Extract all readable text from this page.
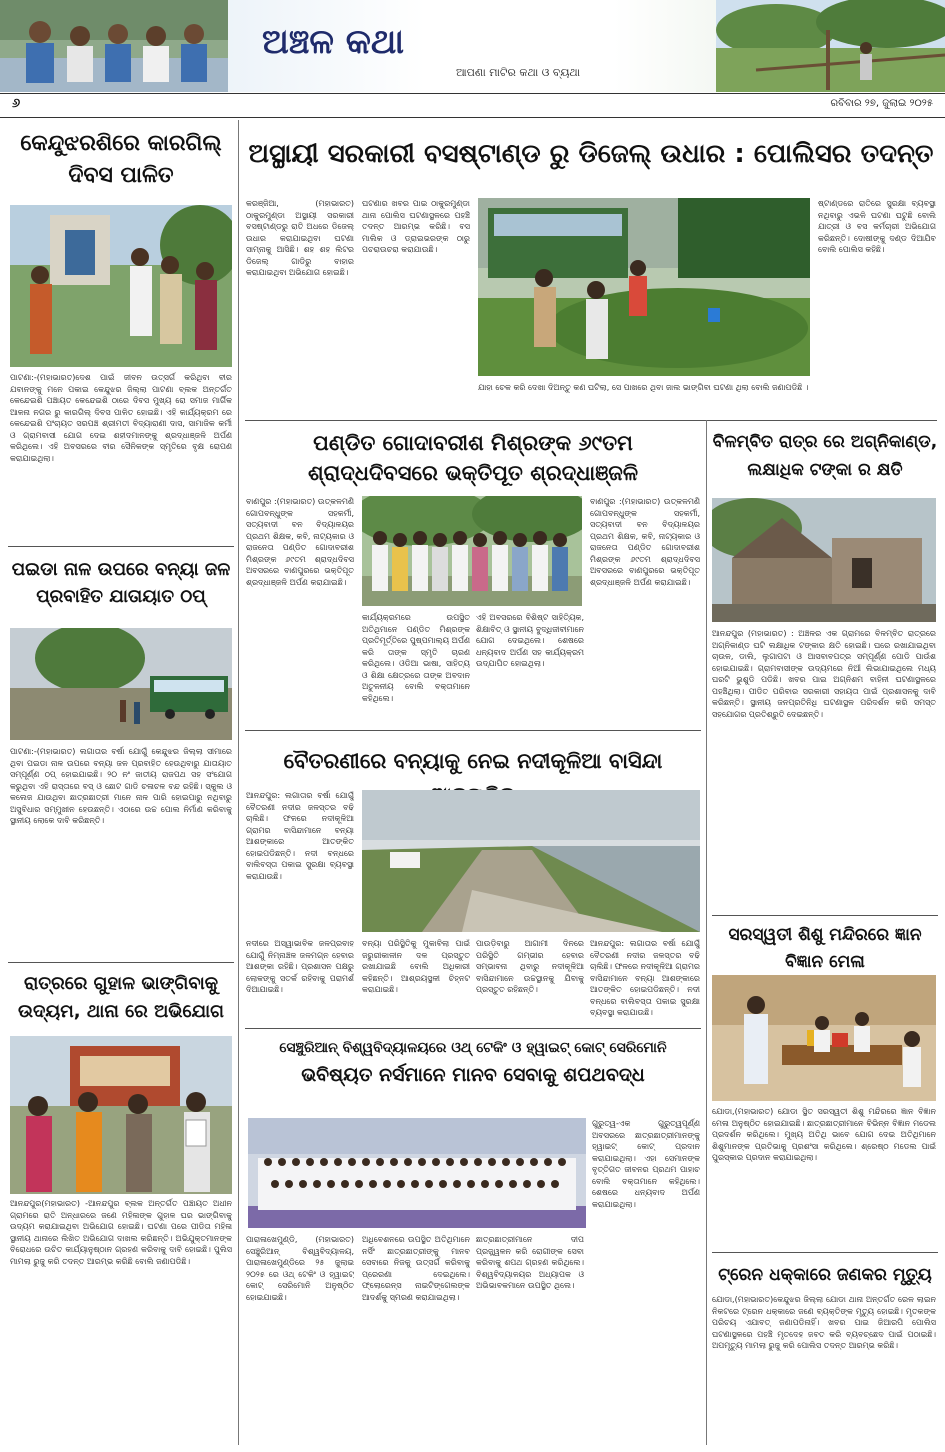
ଅଞ୍ଚଳ କଥା
ଆପଣା ମାଟିର କଥା ଓ ବ୍ୟଥା
୬	ରବିବାର ୨୭, ଜୁଲାଇ ୨୦୨୫
କେନ୍ଦୁଝରଶିରେ କାରଗିଲ୍ ଦିବସ ପାଳିତ
ପାଟଣା:-(ମହାଭାରତ)ଦେଶ ପାଇଁ ଜୀବନ ଉତ୍ସର୍ଗ କରିଥିବା ବୀର ଯବାନଙ୍କୁ ମନେ ପକାଇ କେନ୍ଦୁଝର ଜିଲ୍ଲା ପାଟଣା ବ୍ଲକ ଅନ୍ତର୍ଗତ କେନ୍ଦେଇଶି ପଞ୍ଚାୟତ କେନ୍ଦେଇଶି ଠାରେ ଦିବସ ମୁଖ୍ୟ ରୋ ସମାଜ ମାର୍ଗିକ ଆଳନା ନଗର ରୁ କାରଗିଲ୍ ଦିବସ ପାଳିତ ହୋଇଛି। ଏହି କାର୍ଯ୍ୟକ୍ରମ ରେ କେନ୍ଦେଇଶି ପଂଚାୟତ ସରପଞ୍ଚ ଶ୍ରୀମତୀ ବିଦ୍ୟାରାଣୀ ଦାସ, ସାମାଜିକ କର୍ମୀ ଓ ଗ୍ରାମବାସୀ ଯୋଗ ଦେଇ ଶହୀଦମାନଙ୍କୁ ଶ୍ରଦ୍ଧାଞ୍ଜଳି ଅର୍ପଣ କରିଥିଲେ। ଏହି ଅବସରରେ ବୀର ସୈନିକଙ୍କ ସ୍ମୃତିରେ ବୃକ୍ଷ ରୋପଣ କରାଯାଇଥିଲା।
ପଇଡା ନାଳ ଉପରେ ବନ୍ୟା ଜଳ ପ୍ରବାହିତ ଯାତାୟାତ ଠପ୍
ପାଟଣା:-(ମହାଭାରତ) ଲଗାତାର ବର୍ଷା ଯୋଗୁଁ କେନ୍ଦୁଝର ଜିଲ୍ଲା ସୀମାରେ ଥିବା ପଇଡା ନାଳ ଉପରେ ବନ୍ୟା ଜଳ ପ୍ରବାହିତ ହେଉଥିବାରୁ ଯାତାୟାତ ସମ୍ପୂର୍ଣ୍ଣ ଠପ୍ ହୋଇଯାଇଛି। ୨୦ ନଂ ଜାତୀୟ ରାଜପଥ ସହ ସଂଯୋଗ କରୁଥିବା ଏହି ରାସ୍ତାରେ ବସ୍ ଓ ଛୋଟ ଗାଡି ଚଳାଚଳ ବନ୍ଦ ରହିଛି। ସ୍କୁଲ ଓ କଲେଜ ଯାଉଥିବା ଛାତ୍ରଛାତ୍ରୀ ମାନେ ନାଳ ପାରି ହୋଇପାରୁ ନଥିବାରୁ ଅସୁବିଧାର ସମ୍ମୁଖୀନ ହେଉଛନ୍ତି। ଏଠାରେ ଉଚ୍ଚ ପୋଲ ନିର୍ମାଣ କରିବାକୁ ସ୍ଥାନୀୟ ଲୋକେ ଦାବି କରିଛନ୍ତି।
ରାତ୍ରରେ ଗୁହାଳ ଭାଙ୍ଗିବାକୁ ଉଦ୍ୟମ, ଥାନା ରେ ଅଭିଯୋଗ
ଆନନ୍ଦପୁର(ମହାଭାରତ) -ଆନନ୍ଦପୁର ବ୍ଲକ ଅନ୍ତର୍ଗତ ପଞ୍ଚାୟତ ଅଧୀନ ଗ୍ରାମରେ ରାତି ଅନ୍ଧାରରେ ଜଣେ ମହିଳାଙ୍କ ଗୁହାଳ ଘର ଭାଙ୍ଗିବାକୁ ଉଦ୍ୟମ କରାଯାଇଥିବା ଅଭିଯୋଗ ହୋଇଛି। ଘଟଣା ପରେ ପୀଡିତା ମହିଳା ସ୍ଥାନୀୟ ଥାନାରେ ଲିଖିତ ଅଭିଯୋଗ ଦାଖଲ କରିଛନ୍ତି। ଅଭିଯୁକ୍ତମାନଙ୍କ ବିରୋଧରେ ଉଚିତ କାର୍ଯ୍ୟାନୁଷ୍ଠାନ ଗ୍ରହଣ କରିବାକୁ ଦାବି ହୋଇଛି। ପୁଲିସ ମାମଲା ରୁଜୁ କରି ତଦନ୍ତ ଆରମ୍ଭ କରିଛି ବୋଲି ଜଣାପଡିଛି।
ଅସ୍ଥାୟୀ ସରକାରୀ ବସଷ୍ଟାଣ୍ଡ ରୁ ଡିଜେଲ୍ ଉଧାର : ପୋଲିସର ତଦନ୍ତ
କରଞ୍ଜିଆ, (ମହାଭାରତ) ଠାକୁରମୁଣ୍ଡା ଅସ୍ଥାୟୀ ସରକାରୀ ବସଷ୍ଟାଣ୍ଡରୁ ରାତି ଅଧରେ ଡିଜେଲ୍ ଉଧାର କରାଯାଇଥିବା ଘଟଣା ସାମ୍ନାକୁ ଆସିଛି। ଶହ ଶହ ଲିଟର ଡିଜେଲ୍ ଗାଡିରୁ ବାହାର କରାଯାଇଥିବା ଅଭିଯୋଗ ହୋଇଛି।
ଘଟଣାର ଖବର ପାଇ ଠାକୁରମୁଣ୍ଡା ଥାନା ପୋଲିସ ଘଟଣାସ୍ଥଳରେ ପହଞ୍ଚି ତଦନ୍ତ ଆରମ୍ଭ କରିଛି। ବସ ମାଲିକ ଓ ଡ୍ରାଇଭରଙ୍କ ଠାରୁ ପଚରାଉଚରା କରାଯାଉଛି।
ଯାହା ଚେକ କରି ଦେଖା ଦିଅନ୍ତୁ କଣ ଘଟିଲା, ସେ ପାଖରେ ଥିବା ଜାଲ ଭାଙ୍ଗିବା ଘଟଣା ଥିଲା ବୋଲି ଜଣାପଡିଛି ।
ଷ୍ଟାଣ୍ଡରେ ରାତିରେ ସୁରକ୍ଷା ବ୍ୟବସ୍ଥା ନଥିବାରୁ ଏଭଳି ଘଟଣା ଘଟୁଛି ବୋଲି ଯାତ୍ରୀ ଓ ବସ କର୍ମଚାରୀ ଅଭିଯୋଗ କରିଛନ୍ତି। ଦୋଷୀଙ୍କୁ ଦଣ୍ଡ ଦିଆଯିବ ବୋଲି ପୋଲିସ କହିଛି।
ପଣ୍ଡିତ ଗୋଦାବରୀଶ ମିଶ୍ରଙ୍କ ୬୯ତମ
ଶ୍ରାଦ୍ଧଦିବସରେ ଭକ୍ତିପୂତ ଶ୍ରଦ୍ଧାଞ୍ଜଳି
ବାଣପୁର :(ମହାଭାରତ) ଉତ୍କଳମଣି ଗୋପବନ୍ଧୁଙ୍କ ସହକର୍ମୀ, ସତ୍ୟବାଦୀ ବନ ବିଦ୍ୟାଳୟର ପ୍ରଥମ ଶିକ୍ଷକ, କବି, ନାଟ୍ୟକାର ଓ ରାଜନେତା ପଣ୍ଡିତ ଗୋଦାବରୀଶ ମିଶ୍ରଙ୍କ ୬୯ତମ ଶ୍ରାଦ୍ଧଦିବସ ଅବସରରେ ବାଣପୁରରେ ଭକ୍ତିପୂତ ଶ୍ରଦ୍ଧାଞ୍ଜଳି ଅର୍ପଣ କରାଯାଇଛି।
କାର୍ଯ୍ୟକ୍ରମରେ ଉପସ୍ଥିତ ଅତିଥିମାନେ ପଣ୍ଡିତ ମିଶ୍ରଙ୍କ ପ୍ରତିମୂର୍ତ୍ତିରେ ପୁଷ୍ପମାଲ୍ୟ ଅର୍ପଣ କରି ତାଙ୍କ ସ୍ମୃତି ଚାରଣ କରିଥିଲେ। ଓଡିଆ ଭାଷା, ସାହିତ୍ୟ ଓ ଶିକ୍ଷା କ୍ଷେତ୍ରରେ ତାଙ୍କ ଅବଦାନ ଅତୁଳନୀୟ ବୋଲି ବକ୍ତାମାନେ କହିଥିଲେ।
ଏହି ଅବସରରେ ବିଶିଷ୍ଟ ସାହିତ୍ୟିକ, ଶିକ୍ଷାବିତ୍ ଓ ସ୍ଥାନୀୟ ବୁଦ୍ଧିଜୀବୀମାନେ ଯୋଗ ଦେଇଥିଲେ। ଶେଷରେ ଧନ୍ୟବାଦ ଅର୍ପଣ ସହ କାର୍ଯ୍ୟକ୍ରମ ଉଦ୍ଯାପିତ ହୋଇଥିଲା।
ବାଣପୁର :(ମହାଭାରତ) ଉତ୍କଳମଣି ଗୋପବନ୍ଧୁଙ୍କ ସହକର୍ମୀ, ସତ୍ୟବାଦୀ ବନ ବିଦ୍ୟାଳୟର ପ୍ରଥମ ଶିକ୍ଷକ, କବି, ନାଟ୍ୟକାର ଓ ରାଜନେତା ପଣ୍ଡିତ ଗୋଦାବରୀଶ ମିଶ୍ରଙ୍କ ୬୯ତମ ଶ୍ରାଦ୍ଧଦିବସ ଅବସରରେ ବାଣପୁରରେ ଭକ୍ତିପୂତ ଶ୍ରଦ୍ଧାଞ୍ଜଳି ଅର୍ପଣ କରାଯାଇଛି।
ବିଳମ୍ବିତ ରାତ୍ର ରେ ଅଗ୍ନିକାଣ୍ଡ, ଲକ୍ଷାଧିକ ଟଙ୍କା ର କ୍ଷତି
ଆନନ୍ଦପୁର (ମହାଭାରତ) : ଅଞ୍ଚଳର ଏକ ଗ୍ରାମରେ ବିଳମ୍ବିତ ରାତ୍ରରେ ଅଗ୍ନିକାଣ୍ଡ ଘଟି ଲକ୍ଷାଧିକ ଟଙ୍କାର କ୍ଷତି ହୋଇଛି। ଘରେ ରଖାଯାଇଥିବା ଚାଉଳ, ଡାଲି, ଲୁଗାପଟା ଓ ଆସବାବପତ୍ର ସମ୍ପୂର୍ଣ୍ଣ ପୋଡି ପାଉଁଶ ହୋଇଯାଇଛି। ଗ୍ରାମବାସୀଙ୍କ ଉଦ୍ୟମରେ ନିଆଁ ଲିଭାଯାଇଥିଲେ ମଧ୍ୟ ଘରଟି ଭୁଶୁଡି ପଡିଛି। ଖବର ପାଇ ଅଗ୍ନିଶମ ବାହିନୀ ଘଟଣାସ୍ଥଳରେ ପହଞ୍ଚିଥିଲା। ପୀଡିତ ପରିବାର ସରକାରୀ ସହାୟତା ପାଇଁ ପ୍ରଶାସନକୁ ଦାବି କରିଛନ୍ତି। ସ୍ଥାନୀୟ ଜନପ୍ରତିନିଧି ଘଟଣାସ୍ଥଳ ପରିଦର୍ଶନ କରି ସମସ୍ତ ସହଯୋଗର ପ୍ରତିଶ୍ରୁତି ଦେଇଛନ୍ତି।
ବୈତରଣୀରେ ବନ୍ୟାକୁ ନେଇ ନଦୀକୂଳିଆ ବାସିନ୍ଦା
ଆନନ୍ଦପୁର: ଲଗାତାର ବର୍ଷା ଯୋଗୁଁ ବୈତରଣୀ ନଦୀର ଜଳସ୍ତର ବଢି ଚାଲିଛି। ଫଳରେ ନଦୀକୂଳିଆ ଗ୍ରାମର ବାସିନ୍ଦାମାନେ ବନ୍ୟା ଆଶଙ୍କାରେ ଆତଙ୍କିତ ହୋଇପଡିଛନ୍ତି। ନଦୀ ବନ୍ଧରେ ବାଲିବସ୍ତା ପକାଇ ସୁରକ୍ଷା ବ୍ୟବସ୍ଥା କରାଯାଉଛି।
ନଦୀରେ ଅସ୍ୱାଭାବିକ ଜଳପ୍ରବାହ ଯୋଗୁଁ ନିମ୍ନାଞ୍ଚଳ ଜଳମଗ୍ନ ହେବାର ଆଶଙ୍କା ରହିଛି। ପ୍ରଶାସନ ପକ୍ଷରୁ ଲୋକଙ୍କୁ ସତର୍କ ରହିବାକୁ ପରାମର୍ଶ ଦିଆଯାଇଛି।
ବନ୍ୟା ପରିସ୍ଥିତିକୁ ମୁକାବିଲା ପାଇଁ ଜରୁରୀକାଳୀନ ଦଳ ପ୍ରସ୍ତୁତ ରଖାଯାଇଛି ବୋଲି ଅଧିକାରୀ କହିଛନ୍ତି। ଆଶ୍ରୟସ୍ଥଳୀ ଚିହ୍ନଟ କରାଯାଇଛି।
ପାଉଡ଼ିବାରୁ ଆଗାମୀ ଦିନରେ ପରିସ୍ଥିତି ଗମ୍ଭୀର ହେବାର ସମ୍ଭାବନା ଥିବାରୁ ନଦୀକୂଳିଆ ବାସିନ୍ଦାମାନେ ଉଚ୍ଚସ୍ଥାନକୁ ଯିବାକୁ ପ୍ରସ୍ତୁତ ରହିଛନ୍ତି।
ଆନନ୍ଦପୁର: ଲଗାତାର ବର୍ଷା ଯୋଗୁଁ ବୈତରଣୀ ନଦୀର ଜଳସ୍ତର ବଢି ଚାଲିଛି। ଫଳରେ ନଦୀକୂଳିଆ ଗ୍ରାମର ବାସିନ୍ଦାମାନେ ବନ୍ୟା ଆଶଙ୍କାରେ ଆତଙ୍କିତ ହୋଇପଡିଛନ୍ତି। ନଦୀ ବନ୍ଧରେ ବାଲିବସ୍ତା ପକାଇ ସୁରକ୍ଷା ବ୍ୟବସ୍ଥା କରାଯାଉଛି।
ସରସ୍ୱତୀ ଶିଶୁ ମନ୍ଦିରରେ ଜ୍ଞାନ ବିଜ୍ଞାନ ମେଳା
ଯୋଡା,(ମହାଭାରତ) ଯୋଡା ସ୍ଥିତ ସରସ୍ୱତୀ ଶିଶୁ ମନ୍ଦିରରେ ଜ୍ଞାନ ବିଜ୍ଞାନ ମେଳା ଅନୁଷ୍ଠିତ ହୋଇଯାଇଛି। ଛାତ୍ରଛାତ୍ରୀମାନେ ବିଭିନ୍ନ ବିଜ୍ଞାନ ମଡେଲ ପ୍ରଦର୍ଶନ କରିଥିଲେ। ମୁଖ୍ୟ ଅତିଥି ଭାବେ ଯୋଗ ଦେଇ ଅତିଥିମାନେ ଶିଶୁମାନଙ୍କ ପ୍ରତିଭାକୁ ପ୍ରଶଂସା କରିଥିଲେ। ଶ୍ରେଷ୍ଠ ମଡେଲ ପାଇଁ ପୁରସ୍କାର ପ୍ରଦାନ କରାଯାଇଥିଲା।
ସେଞ୍ଚୁରିଆନ୍ ବିଶ୍ୱବିଦ୍ୟାଳୟରେ ଓଥ୍ ଟେକିଂ ଓ ହ୍ୱାଇଟ୍ କୋଟ୍ ସେରିମୋନି
ଭବିଷ୍ୟତ ନର୍ସମାନେ ମାନବ ସେବାକୁ ଶପଥବଦ୍ଧ
ପାରାଳାଖେମୁଣ୍ଡି, (ମହାଭାରତ) ସେଞ୍ଚୁରିଆନ୍ ବିଶ୍ୱବିଦ୍ୟାଳୟ, ପାରାଳାଖେମୁଣ୍ଡିରେ ୨୫ ଜୁଲାଇ ୨୦୨୫ ରେ ଓଥ୍ ଟେକିଂ ଓ ହ୍ୱାଇଟ୍ କୋଟ୍ ସେରିମୋନି ଅନୁଷ୍ଠିତ ହୋଇଯାଇଛି।
ଅଧିବେଶନରେ ଉପସ୍ଥିତ ଅତିଥିମାନେ ନର୍ସିଂ ଛାତ୍ରଛାତ୍ରୀଙ୍କୁ ମାନବ ସେବାରେ ନିଜକୁ ଉତ୍ସର୍ଗ କରିବାକୁ ପ୍ରେରଣା ଦେଇଥିଲେ। ଫ୍ଲୋରେନ୍ସ ନାଇଟିଙ୍ଗେଲଙ୍କ ଆଦର୍ଶକୁ ସ୍ମରଣ କରାଯାଇଥିଲା।
ଛାତ୍ରଛାତ୍ରୀମାନେ ଦୀପ ପ୍ରଜ୍ଜ୍ୱଳନ କରି ରୋଗୀଙ୍କ ସେବା କରିବାକୁ ଶପଥ ଗ୍ରହଣ କରିଥିଲେ। ବିଶ୍ୱବିଦ୍ୟାଳୟର ଅଧ୍ୟାପକ ଓ ଅଭିଭାବକମାନେ ଉପସ୍ଥିତ ଥିଲେ।
ଗୁରୁତ୍ୱ-ଏକ ଗୁରୁତ୍ୱପୂର୍ଣ୍ଣ ଅବସରରେ ଛାତ୍ରଛାତ୍ରୀମାନଙ୍କୁ ହ୍ୱାଇଟ୍ କୋଟ୍ ପ୍ରଦାନ କରାଯାଇଥିଲା। ଏହା ସେମାନଙ୍କ ବୃତ୍ତିଗତ ଜୀବନର ପ୍ରଥମ ପାହାଚ ବୋଲି ବକ୍ତାମାନେ କହିଥିଲେ। ଶେଷରେ ଧନ୍ୟବାଦ ଅର୍ପଣ କରାଯାଇଥିଲା।
ଟ୍ରେନ ଧକ୍କାରେ ଜଣକର ମୃତ୍ୟୁ
ଯୋଡା,(ମହାଭାରତ)କେନ୍ଦୁଝର ଜିଲ୍ଲା ଯୋଡା ଥାନା ଅନ୍ତର୍ଗତ ରେଳ ଲାଇନ ନିକଟରେ ଟ୍ରେନ ଧକ୍କାରେ ଜଣେ ବ୍ୟକ୍ତିଙ୍କ ମୃତ୍ୟୁ ହୋଇଛି। ମୃତକଙ୍କ ପରିଚୟ ଏଯାବତ୍ ଜଣାପଡିନାହିଁ। ଖବର ପାଇ ଜିଆରପି ପୋଲିସ ଘଟଣାସ୍ଥଳରେ ପହଞ୍ଚି ମୃତଦେହ ଜବତ କରି ବ୍ୟବଚ୍ଛେଦ ପାଇଁ ପଠାଇଛି। ଅପମୃତ୍ୟୁ ମାମଲା ରୁଜୁ କରି ପୋଲିସ ତଦନ୍ତ ଆରମ୍ଭ କରିଛି।
